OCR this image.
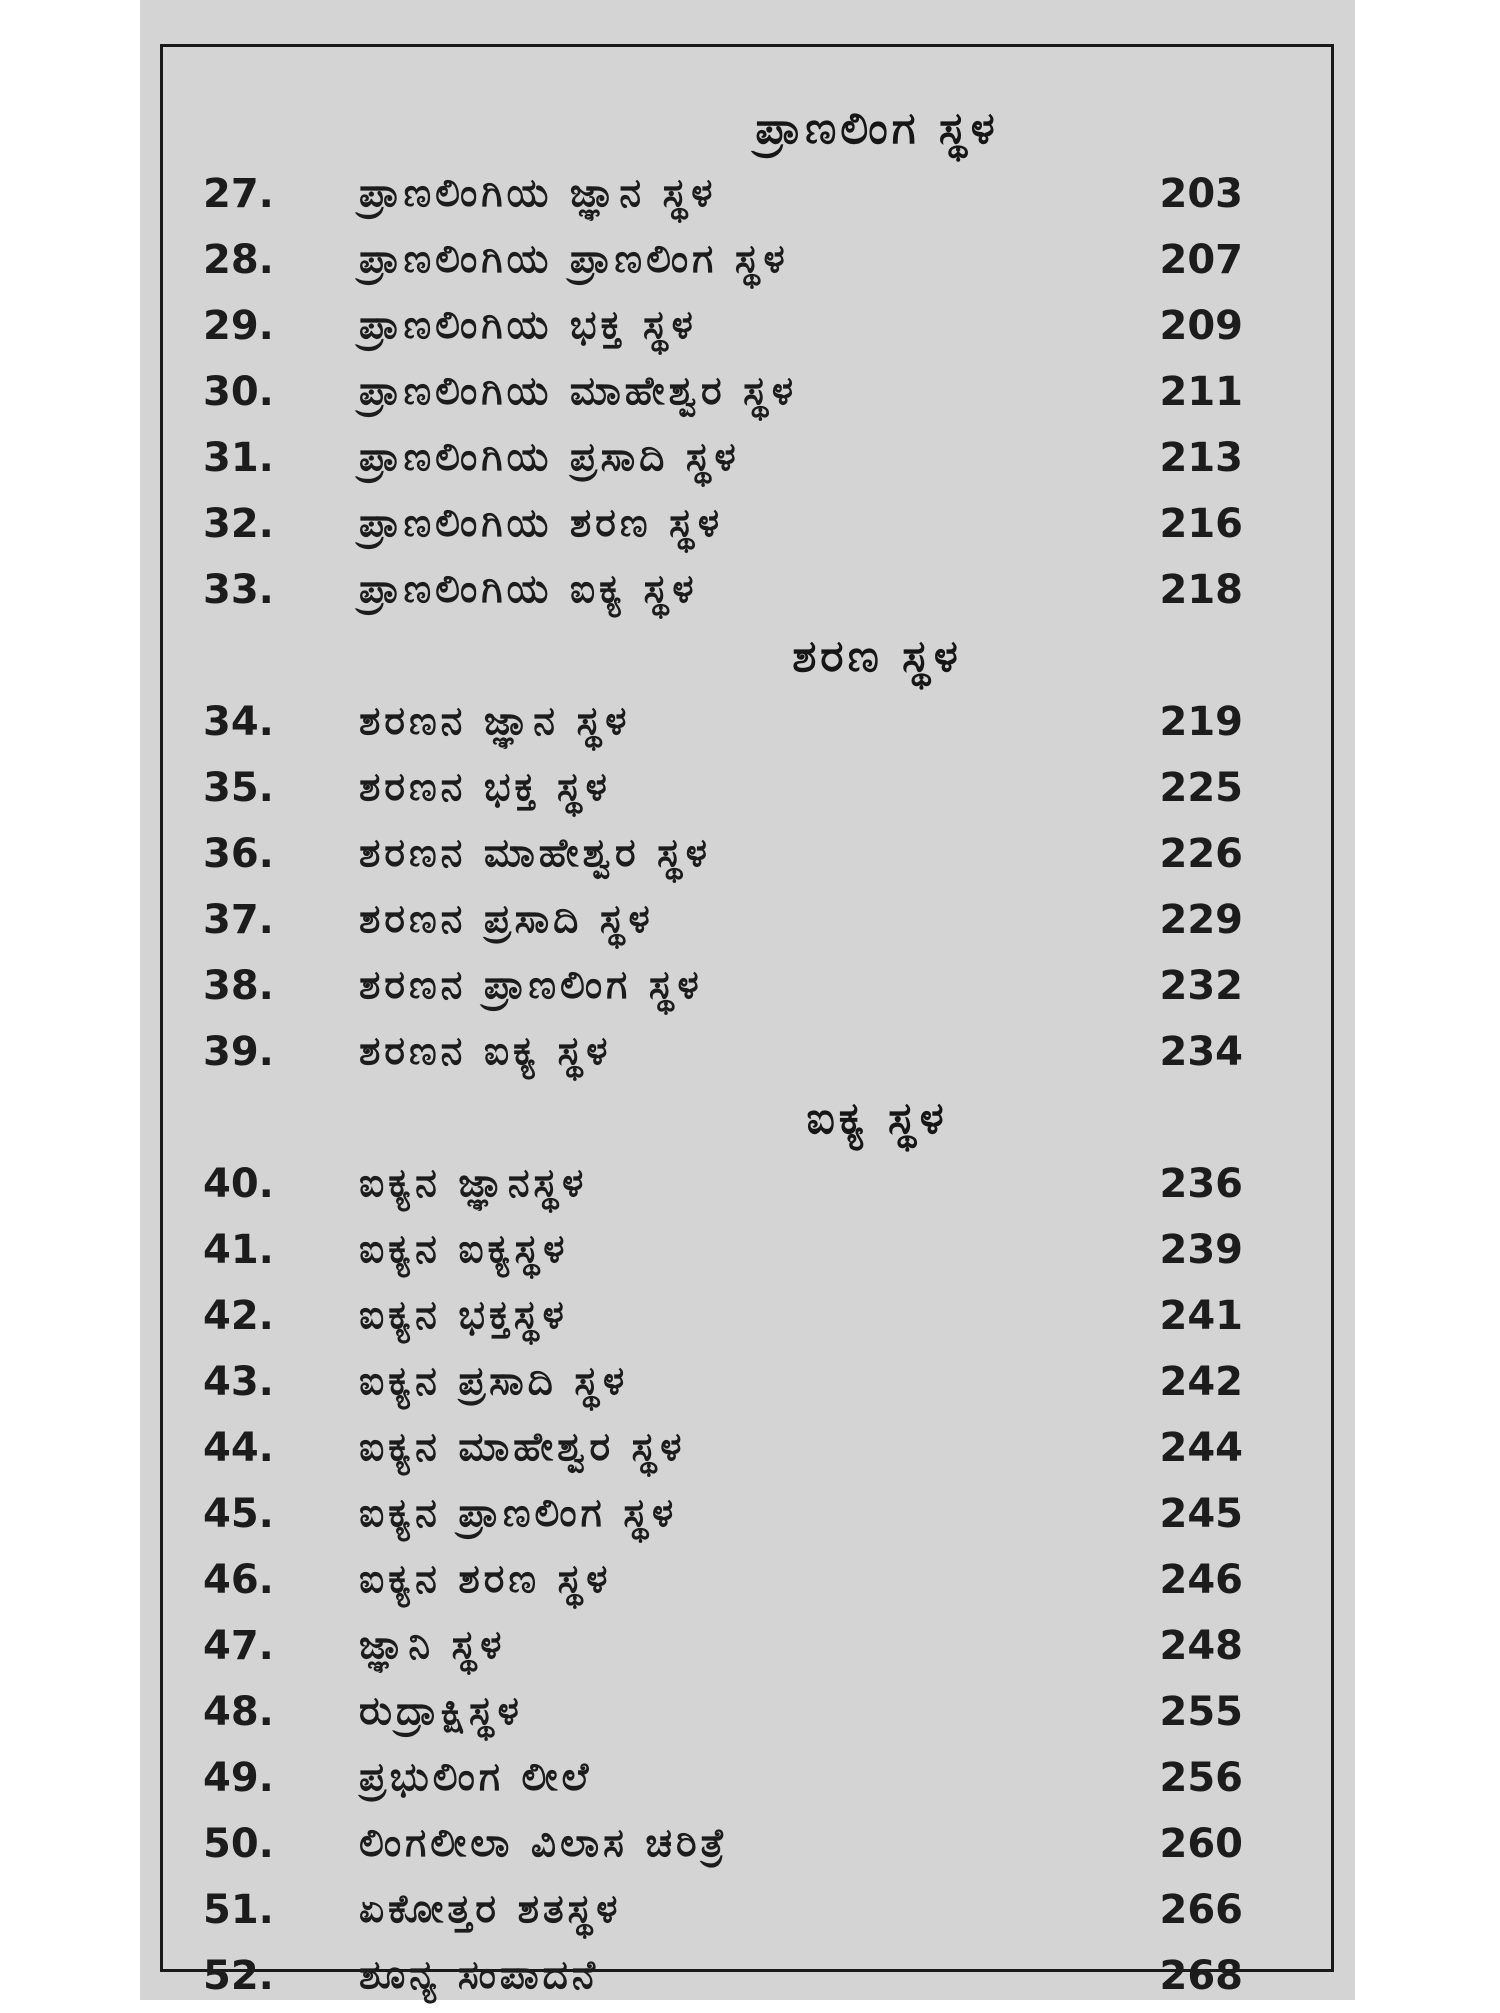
ಪ್ರಾಣಲಿಂಗ ಸ್ಥಳ
27. ಪ್ರಾಣಲಿಂಗಿಯ ಜ್ಞಾನ ಸ್ಥಳ	203
28. ಪ್ರಾಣಲಿಂಗಿಯ ಪ್ರಾಣಲಿಂಗ ಸ್ಥಳ	207
29. ಪ್ರಾಣಲಿಂಗಿಯ ಭಕ್ತ ಸ್ಥಳ	209
30. ಪ್ರಾಣಲಿಂಗಿಯ ಮಾಹೇಶ್ವರ ಸ್ಥಳ	211
31. ಪ್ರಾಣಲಿಂಗಿಯ ಪ್ರಸಾದಿ ಸ್ಥಳ	213
32. ಪ್ರಾಣಲಿಂಗಿಯ ಶರಣ ಸ್ಥಳ	216
33. ಪ್ರಾಣಲಿಂಗಿಯ ಐಕ್ಯ ಸ್ಥಳ	218
ಶರಣ ಸ್ಥಳ
34. ಶರಣನ ಜ್ಞಾನ ಸ್ಥಳ	219
35. ಶರಣನ ಭಕ್ತ ಸ್ಥಳ	225
36. ಶರಣನ ಮಾಹೇಶ್ವರ ಸ್ಥಳ	226
37. ಶರಣನ ಪ್ರಸಾದಿ ಸ್ಥಳ	229
38. ಶರಣನ ಪ್ರಾಣಲಿಂಗ ಸ್ಥಳ	232
39. ಶರಣನ ಐಕ್ಯ ಸ್ಥಳ	234
ಐಕ್ಯ ಸ್ಥಳ
40. ಐಕ್ಯನ ಜ್ಞಾನಸ್ಥಳ	236
41. ಐಕ್ಯನ ಐಕ್ಯಸ್ಥಳ	239
42. ಐಕ್ಯನ ಭಕ್ತಸ್ಥಳ	241
43. ಐಕ್ಯನ ಪ್ರಸಾದಿ ಸ್ಥಳ	242
44. ಐಕ್ಯನ ಮಾಹೇಶ್ವರ ಸ್ಥಳ	244
45. ಐಕ್ಯನ ಪ್ರಾಣಲಿಂಗ ಸ್ಥಳ	245
46. ಐಕ್ಯನ ಶರಣ ಸ್ಥಳ	246
47. ಜ್ಞಾನಿ ಸ್ಥಳ	248
48. ರುದ್ರಾಕ್ಷಿಸ್ಥಳ	255
49. ಪ್ರಭುಲಿಂಗ ಲೀಲೆ	256
50. ಲಿಂಗಲೀಲಾ ವಿಲಾಸ ಚರಿತ್ರೆ	260
51. ಏಕೋತ್ತರ ಶತಸ್ಥಳ	266
52. ಶೂನ್ಯ ಸಂಪಾದನೆ	268
